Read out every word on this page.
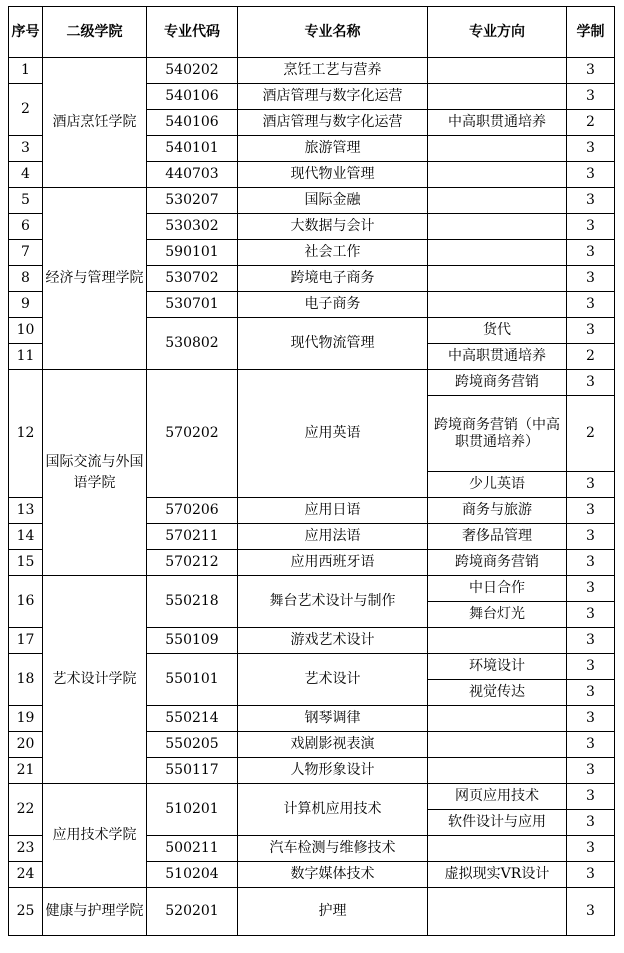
序号	二级学院	专业代码	专业名称	专业方向	学制
1	酒店烹饪学院	540202	烹饪工艺与营养		3
2		540106	酒店管理与数字化运营		3
		540106	酒店管理与数字化运营	中高职贯通培养	2
3		540101	旅游管理		3
4		440703	现代物业管理		3
5	经济与管理学院	530207	国际金融		3
6		530302	大数据与会计		3
7		590101	社会工作		3
8		530702	跨境电子商务		3
9		530701	电子商务		3
10		530802	现代物流管理	货代	3
11				中高职贯通培养	2
12	国际交流与外国语学院	570202	应用英语	跨境商务营销	3
				跨境商务营销（中高职贯通培养）	2
				少儿英语	3
13		570206	应用日语	商务与旅游	3
14		570211	应用法语	奢侈品管理	3
15		570212	应用西班牙语	跨境商务营销	3
16	艺术设计学院	550218	舞台艺术设计与制作	中日合作	3
				舞台灯光	3
17		550109	游戏艺术设计		3
18		550101	艺术设计	环境设计	3
				视觉传达	3
19		550214	钢琴调律		3
20		550205	戏剧影视表演		3
21		550117	人物形象设计		3
22	应用技术学院	510201	计算机应用技术	网页应用技术	3
				软件设计与应用	3
23		500211	汽车检测与维修技术		3
24		510204	数字媒体技术	虚拟现实VR设计	3
25	健康与护理学院	520201	护理		3
